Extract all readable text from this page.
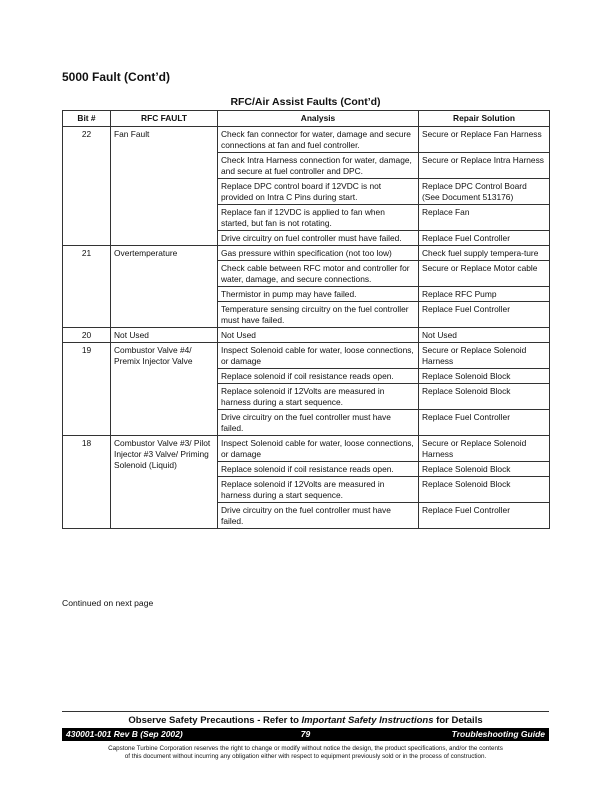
5000 Fault (Cont’d)
RFC/Air Assist Faults (Cont’d)
Bit #	RFC FAULT	Analysis	Repair Solution
22	Fan Fault	Check fan connector for water, damage and secure connections at fan and fuel controller.	Secure or Replace Fan Harness
		Check Intra Harness connection for water, damage, and secure at fuel controller and DPC.	Secure or Replace Intra Harness
		Replace DPC control board if 12VDC is not provided on Intra C Pins during start.	Replace DPC Control Board (See Document 513176)
		Replace fan if 12VDC is applied to fan when started, but fan is not rotating.	Replace Fan
		Drive circuitry on fuel controller must have failed.	Replace Fuel Controller
21	Overtemperature	Gas pressure within specification (not too low)	Check fuel supply tempera-ture
		Check cable between RFC motor and controller for water, damage, and secure connections.	Secure or Replace Motor cable
		Thermistor in pump may have failed.	Replace RFC Pump
		Temperature sensing circuitry on the fuel controller must have failed.	Replace Fuel Controller
20	Not Used	Not Used	Not Used
19	Combustor Valve #4/ Premix Injector Valve	Inspect Solenoid cable for water, loose connections, or damage	Secure or Replace Solenoid Harness
		Replace solenoid if coil resistance reads open.	Replace Solenoid Block
		Replace solenoid if 12Volts are measured in harness during a start sequence.	Replace Solenoid Block
		Drive circuitry on the fuel controller must have failed.	Replace Fuel Controller
18	Combustor Valve #3/ Pilot Injector #3 Valve/ Priming Solenoid (Liquid)	Inspect Solenoid cable for water, loose connections, or damage	Secure or Replace Solenoid Harness
		Replace solenoid if coil resistance reads open.	Replace Solenoid Block
		Replace solenoid if 12Volts are measured in harness during a start sequence.	Replace Solenoid Block
		Drive circuitry on the fuel controller must have failed.	Replace Fuel Controller
Continued on next page
Observe Safety Precautions - Refer to Important Safety Instructions for Details
79
430001-001 Rev B (Sep 2002)	Troubleshooting Guide
Capstone Turbine Corporation reserves the right to change or modify without notice the design, the product specifications, and/or the contents
of this document without incurring any obligation either with respect to equipment previously sold or in the process of construction.
